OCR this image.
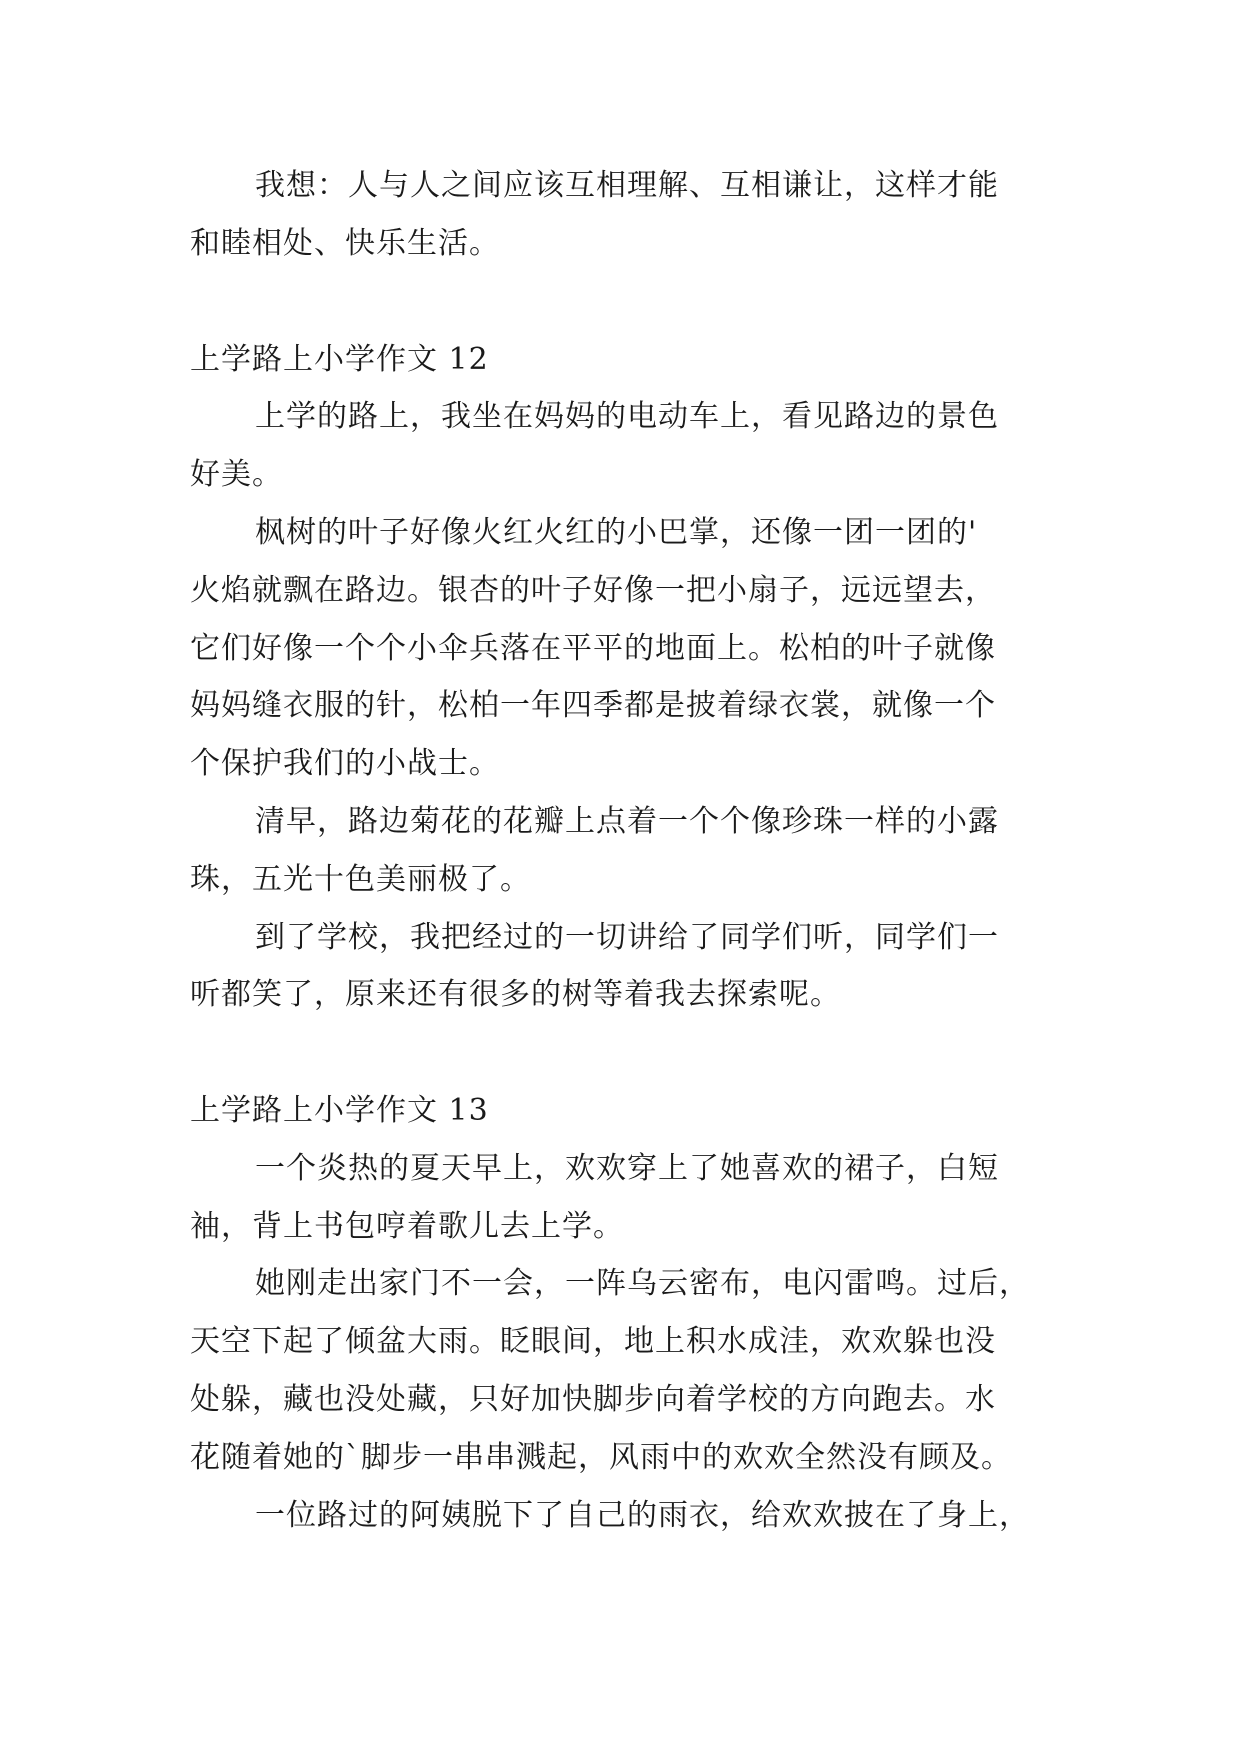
我想：人与人之间应该互相理解、互相谦让，这样才能
和睦相处、快乐生活。
上学路上小学作文 12
上学的路上，我坐在妈妈的电动车上，看见路边的景色
好美。
枫树的叶子好像火红火红的小巴掌，还像一团一团的'
火焰就飘在路边。银杏的叶子好像一把小扇子，远远望去，
它们好像一个个小伞兵落在平平的地面上。松柏的叶子就像
妈妈缝衣服的针，松柏一年四季都是披着绿衣裳，就像一个
个保护我们的小战士。
清早，路边菊花的花瓣上点着一个个像珍珠一样的小露
珠，五光十色美丽极了。
到了学校，我把经过的一切讲给了同学们听，同学们一
听都笑了，原来还有很多的树等着我去探索呢。
上学路上小学作文 13
一个炎热的夏天早上，欢欢穿上了她喜欢的裙子，白短
袖，背上书包哼着歌儿去上学。
她刚走出家门不一会，一阵乌云密布，电闪雷鸣。过后，
天空下起了倾盆大雨。眨眼间，地上积水成洼，欢欢躲也没
处躲，藏也没处藏，只好加快脚步向着学校的方向跑去。水
花随着她的`脚步一串串溅起，风雨中的欢欢全然没有顾及。
一位路过的阿姨脱下了自己的雨衣，给欢欢披在了身上，
